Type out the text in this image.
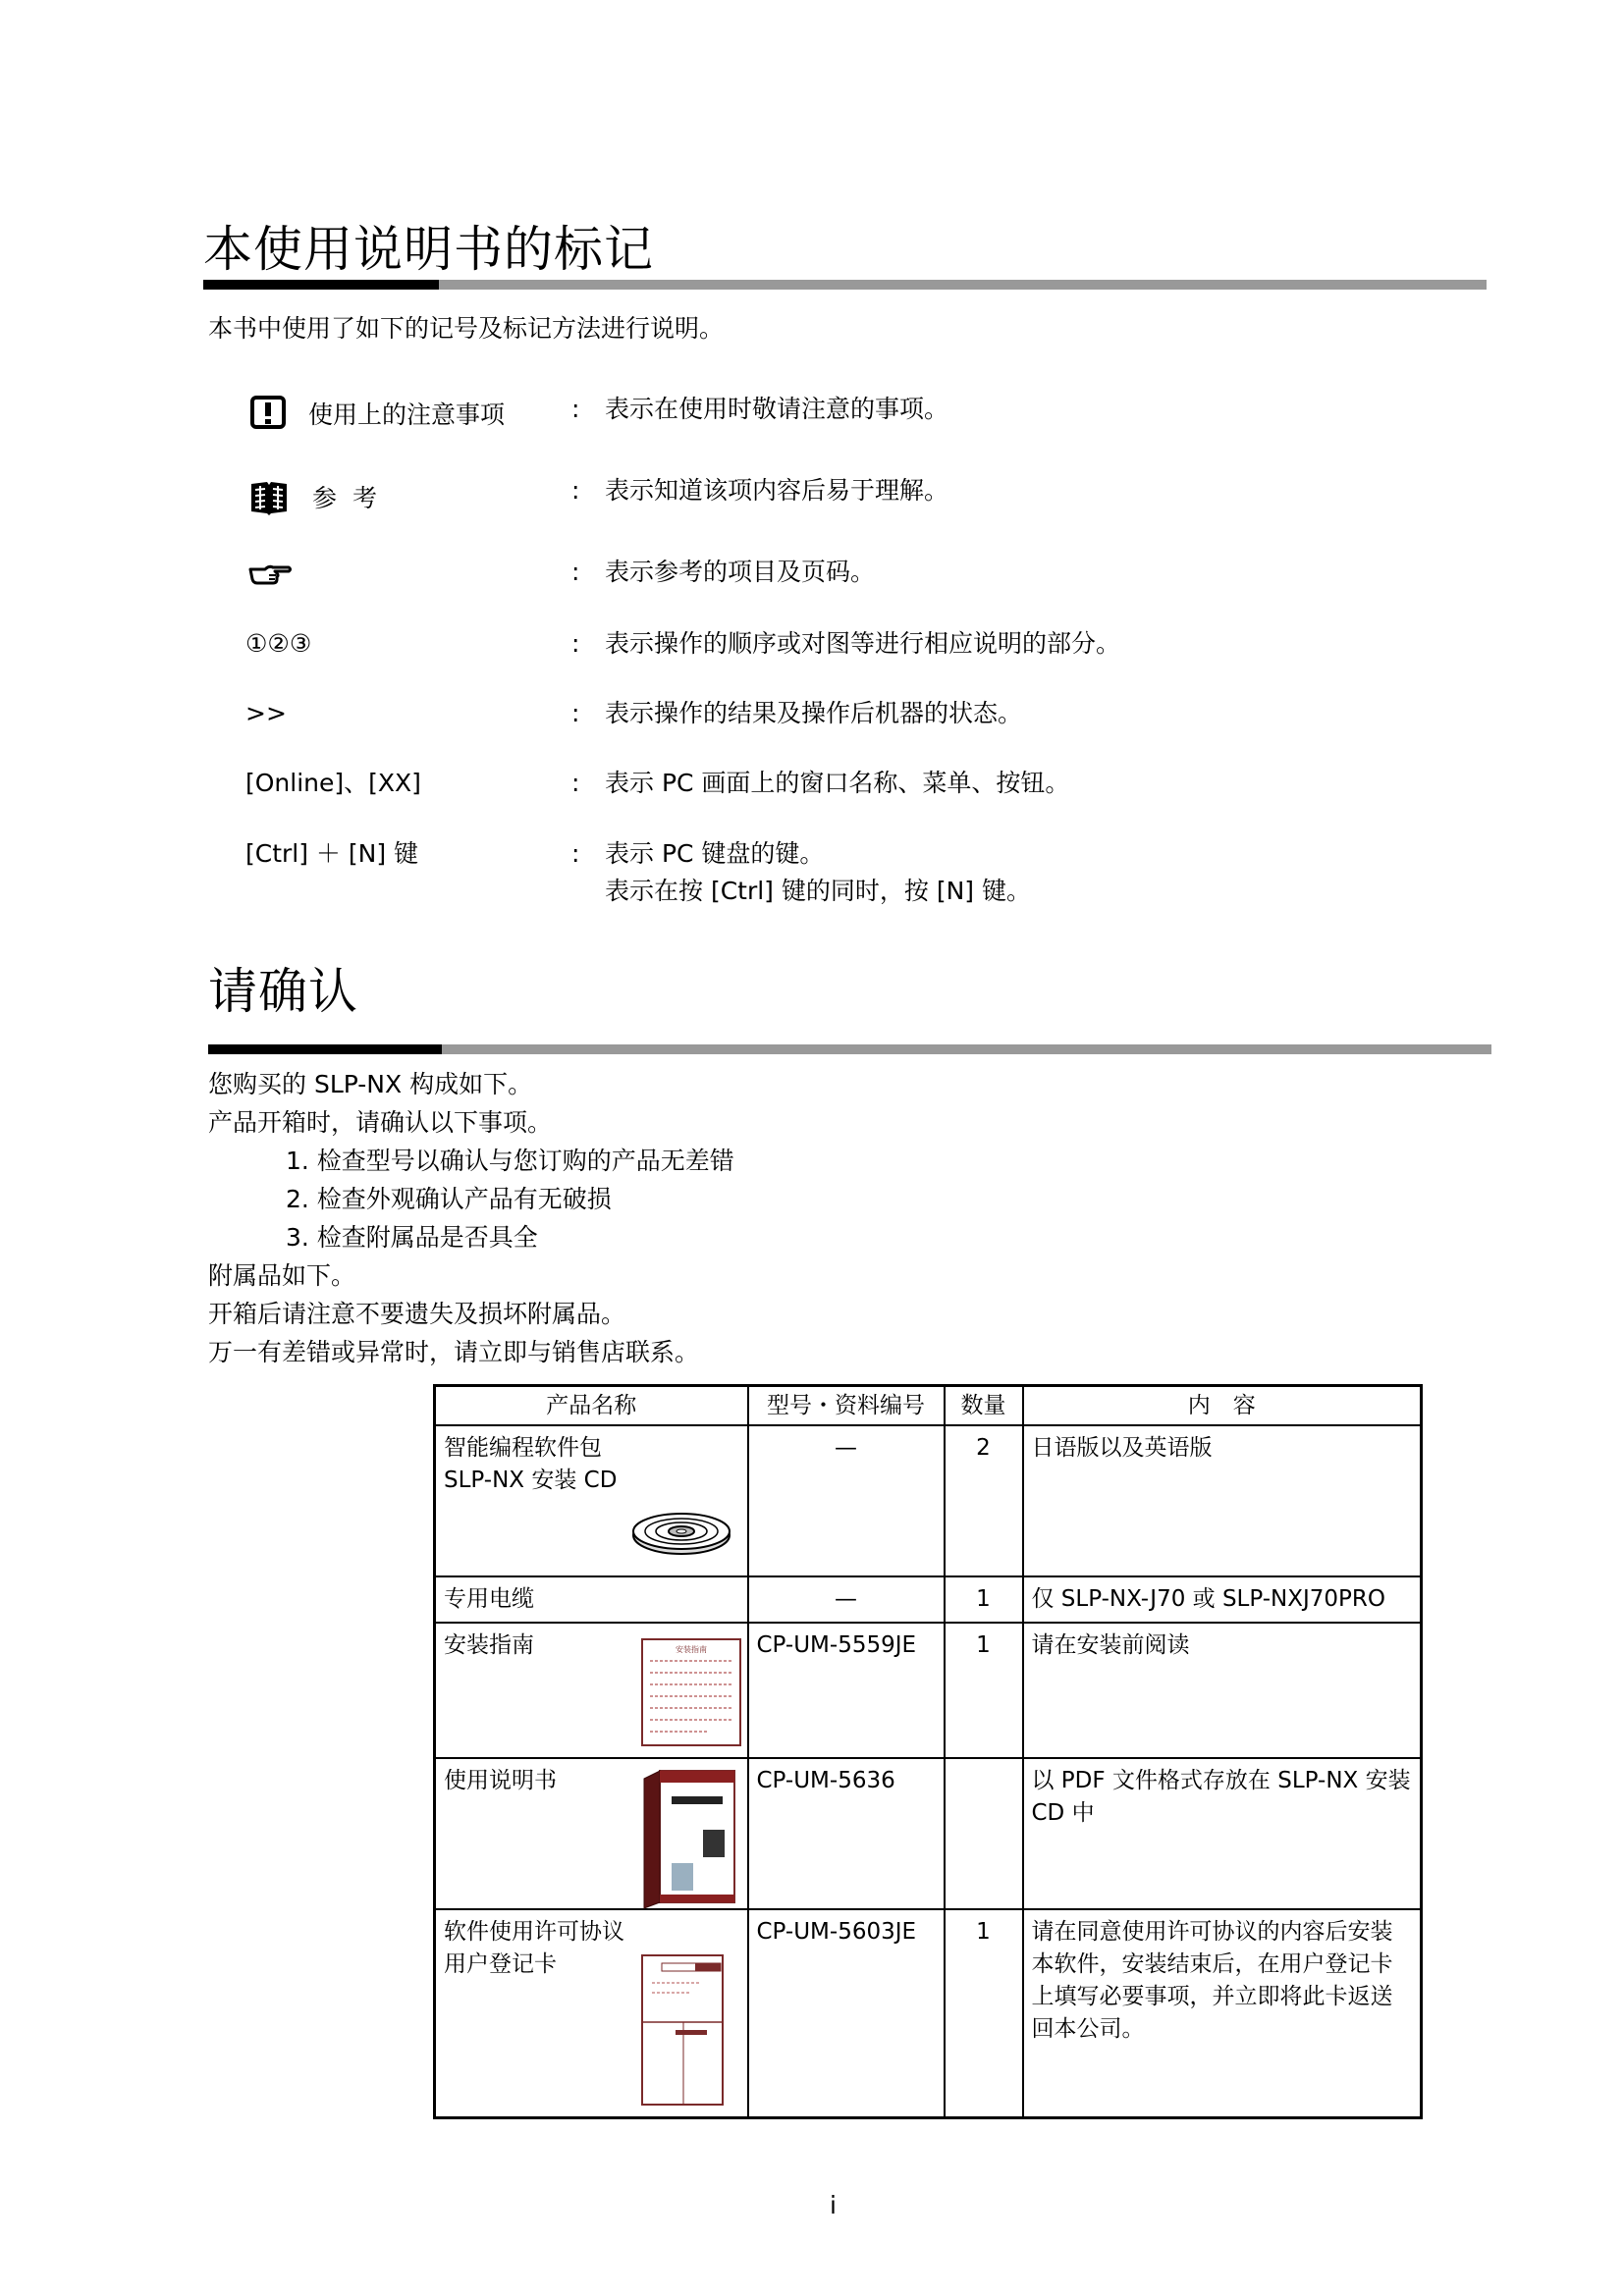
本使用说明书的标记
本书中使用了如下的记号及标记方法进行说明。
使用上的注意事项	: 表示在使用时敬请注意的事项。
参 考	: 表示知道该项内容后易于理解。
: 表示参考的项目及页码。
①②③	: 表示操作的顺序或对图等进行相应说明的部分。
>>	: 表示操作的结果及操作后机器的状态。
[Online]、[XX]	: 表示 PC 画面上的窗口名称、菜单、按钮。
[Ctrl] ＋ [N] 键	: 表示 PC 键盘的键。
表示在按 [Ctrl] 键的同时，按 [N] 键。
请确认
您购买的 SLP-NX 构成如下。
产品开箱时，请确认以下事项。
1. 检查型号以确认与您订购的产品无差错
2. 检查外观确认产品有无破损
3. 检查附属品是否具全
附属品如下。
开箱后请注意不要遗失及损坏附属品。
万一有差错或异常时，请立即与销售店联系。
产品名称	型号・资料编号	数量	内　容

智能编程软件包
SLP-NX 安装 CD	—	2	日语版以及英语版

专用电缆	—	1	仅 SLP-NX-J70 或 SLP-NXJ70PRO

安装指南 安装指南	CP-UM-5559JE	1	请在安装前阅读

使用说明书	CP-UM-5636		以 PDF 文件格式存放在 SLP-NX 安装 CD 中

软件使用许可协议
用户登记卡	CP-UM-5603JE	1	请在同意使用许可协议的内容后安装本软件，安装结束后，在用户登记卡上填写必要事项，并立即将此卡返送回本公司。
i
